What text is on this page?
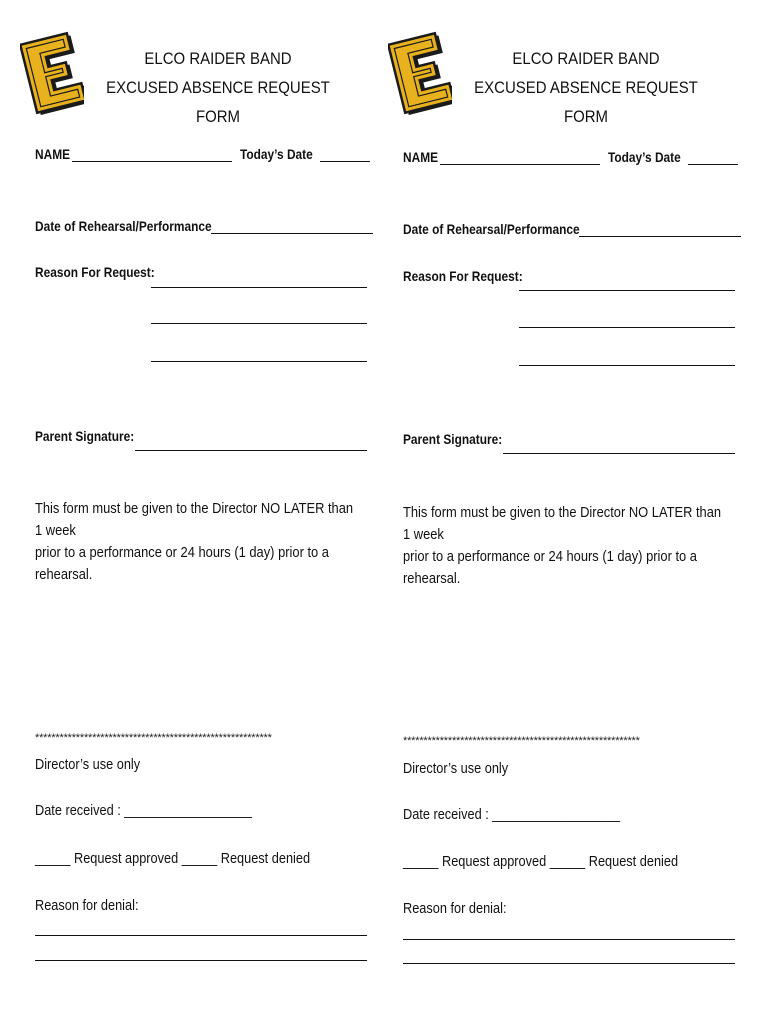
ELCO RAIDER BAND
EXCUSED ABSENCE REQUEST FORM
NAME	Today’s Date
Date of Rehearsal/Performance
Reason For Request:
Parent Signature:
This form must be given to the Director NO LATER than 1 week
prior to a performance or 24 hours (1 day) prior to a rehearsal.
**********************************************************
Director’s use only
Date received : __________________
_____ Request approved _____ Request denied
Reason for denial:
ELCO RAIDER BAND
EXCUSED ABSENCE REQUEST FORM
NAME	Today’s Date
Date of Rehearsal/Performance
Reason For Request:
Parent Signature:
This form must be given to the Director NO LATER than 1 week
prior to a performance or 24 hours (1 day) prior to a rehearsal.
**********************************************************
Director’s use only
Date received : __________________
_____ Request approved _____ Request denied
Reason for denial:
